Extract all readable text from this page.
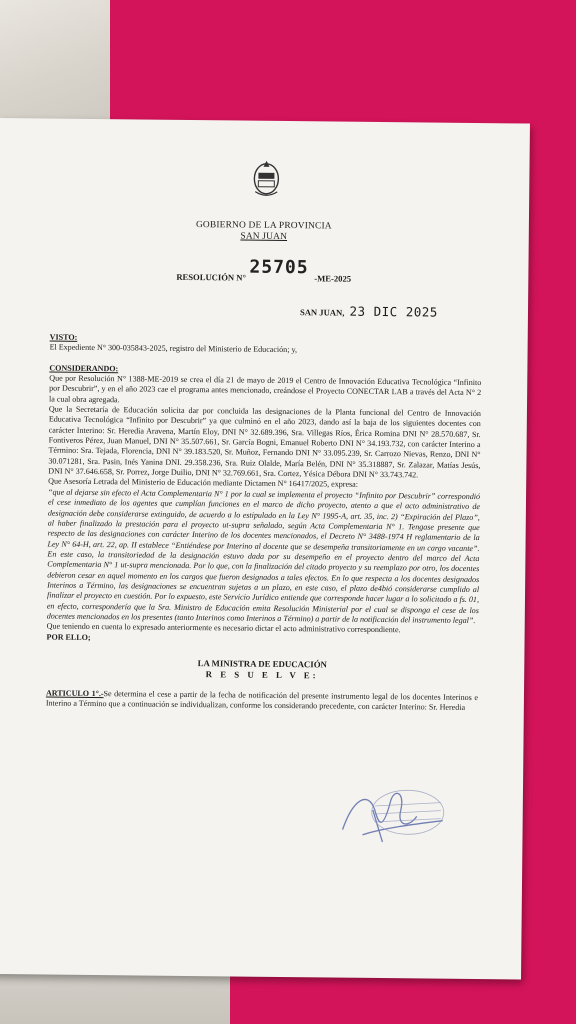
GOBIERNO DE LA PROVINCIA
SAN JUAN
RESOLUCIÓN N° 25705
-ME-2025
SAN JUAN, 23 DIC 2025

VISTO:

El Expediente N° 300-035843-2025, registro del Ministerio de Educación; y,

CONSIDERANDO:

Que por Resolución N° 1388-ME-2019 se crea el día 21 de mayo de 2019 el Centro de Innovación Educativa Tecnológica “Infinito por Descubrir”, y en el año 2023 cae el programa antes mencionado, creándose el Proyecto CONECTAR LAB a través del Acta N° 2 la cual obra agregada.

Que la Secretaría de Educación solicita dar por concluida las designaciones de la Planta funcional del Centro de Innovación Educativa Tecnológica “Infinito por Descubrir” ya que culminó en el año 2023, dando así la baja de los siguientes docentes con carácter Interino: Sr. Heredia Aravena, Martín Eloy, DNI N° 32.689.396, Sra. Villegas Ríos, Érica Romina DNI N° 28.570.687, Sr. Fontiveros Pérez, Juan Manuel, DNI N° 35.507.661, Sr. García Bogni, Emanuel Roberto DNI N° 34.193.732, con carácter Interino a Término: Sra. Tejada, Florencia, DNI N° 39.183.520, Sr. Muñoz, Fernando DNI N° 33.095.239, Sr. Carrozo Nievas, Renzo, DNI N° 30.071281, Sra. Pasin, Inés Yanina DNI. 29.358.236, Sra. Ruiz Olalde, María Belén, DNI N° 35.318887, Sr. Zalazar, Matías Jesús, DNI N° 37.646.658, Sr. Porrez, Jorge Duilio, DNI N° 32.769.661, Sra. Cortez, Yésica Débora DNI N° 33.743.742.

Que Asesoría Letrada del Ministerio de Educación mediante Dictamen N° 16417/2025, expresa:

“que al dejarse sin efecto el Acta Complementaria N° 1 por la cual se implementa el proyecto “Infinito por Descubrir” correspondió el cese inmediato de los agentes que cumplían funciones en el marco de dicho proyecto, atento a que el acto administrativo de designación debe considerarse extinguido, de acuerdo a lo estipulado en la Ley N° 1995-A, art. 35, inc. 2) “Expiración del Plazo”, al haber finalizado la prestación para el proyecto ut-supra señalado, según Acta Complementaria N° 1. Tengase presente que respecto de las designaciones con carácter Interino de los docentes mencionados, el Decreto N° 3488-1974 H reglamentario de la Ley N° 64-H, art. 22, ap. II establece “Entiéndese por Interino al docente que se desempeña transitoriamente en un cargo vacante”. En este caso, la transitoriedad de la designación estuvo dada por su desempeño en el proyecto dentro del marco del Acta Complementaria N° 1 ut-supra mencionada. Por lo que, con la finalización del citado proyecto y su reemplazo por otro, los docentes debieron cesar en aquel momento en los cargos que fueron designados a tales efectos. En lo que respecta a los docentes designados Interinos a Término, las designaciones se encuentran sujetas a un plazo, en este caso, el plazo de4bió considerarse cumplido al finalizar el proyecto en cuestión. Por lo expuesto, este Servicio Jurídico entiende que corresponde hacer lugar a lo solicitado a fs. 01, en efecto, correspondería que la Sra. Ministro de Educación emita Resolución Ministerial por el cual se disponga el cese de los docentes mencionados en los presentes (tanto Interinos como Interinos a Término) a partir de la notificación del instrumento legal”.

Que teniendo en cuenta lo expresado anteriormente es necesario dictar el acto administrativo correspondiente.

POR ELLO;

LA MINISTRA DE EDUCACIÓN
R E S U E L V E:

ARTICULO 1°.-Se determina el cese a partir de la fecha de notificación del presente instrumento legal de los docentes Interinos e Interino a Término que a continuación se individualizan, conforme los considerando precedente, con carácter Interino: Sr. Heredia
